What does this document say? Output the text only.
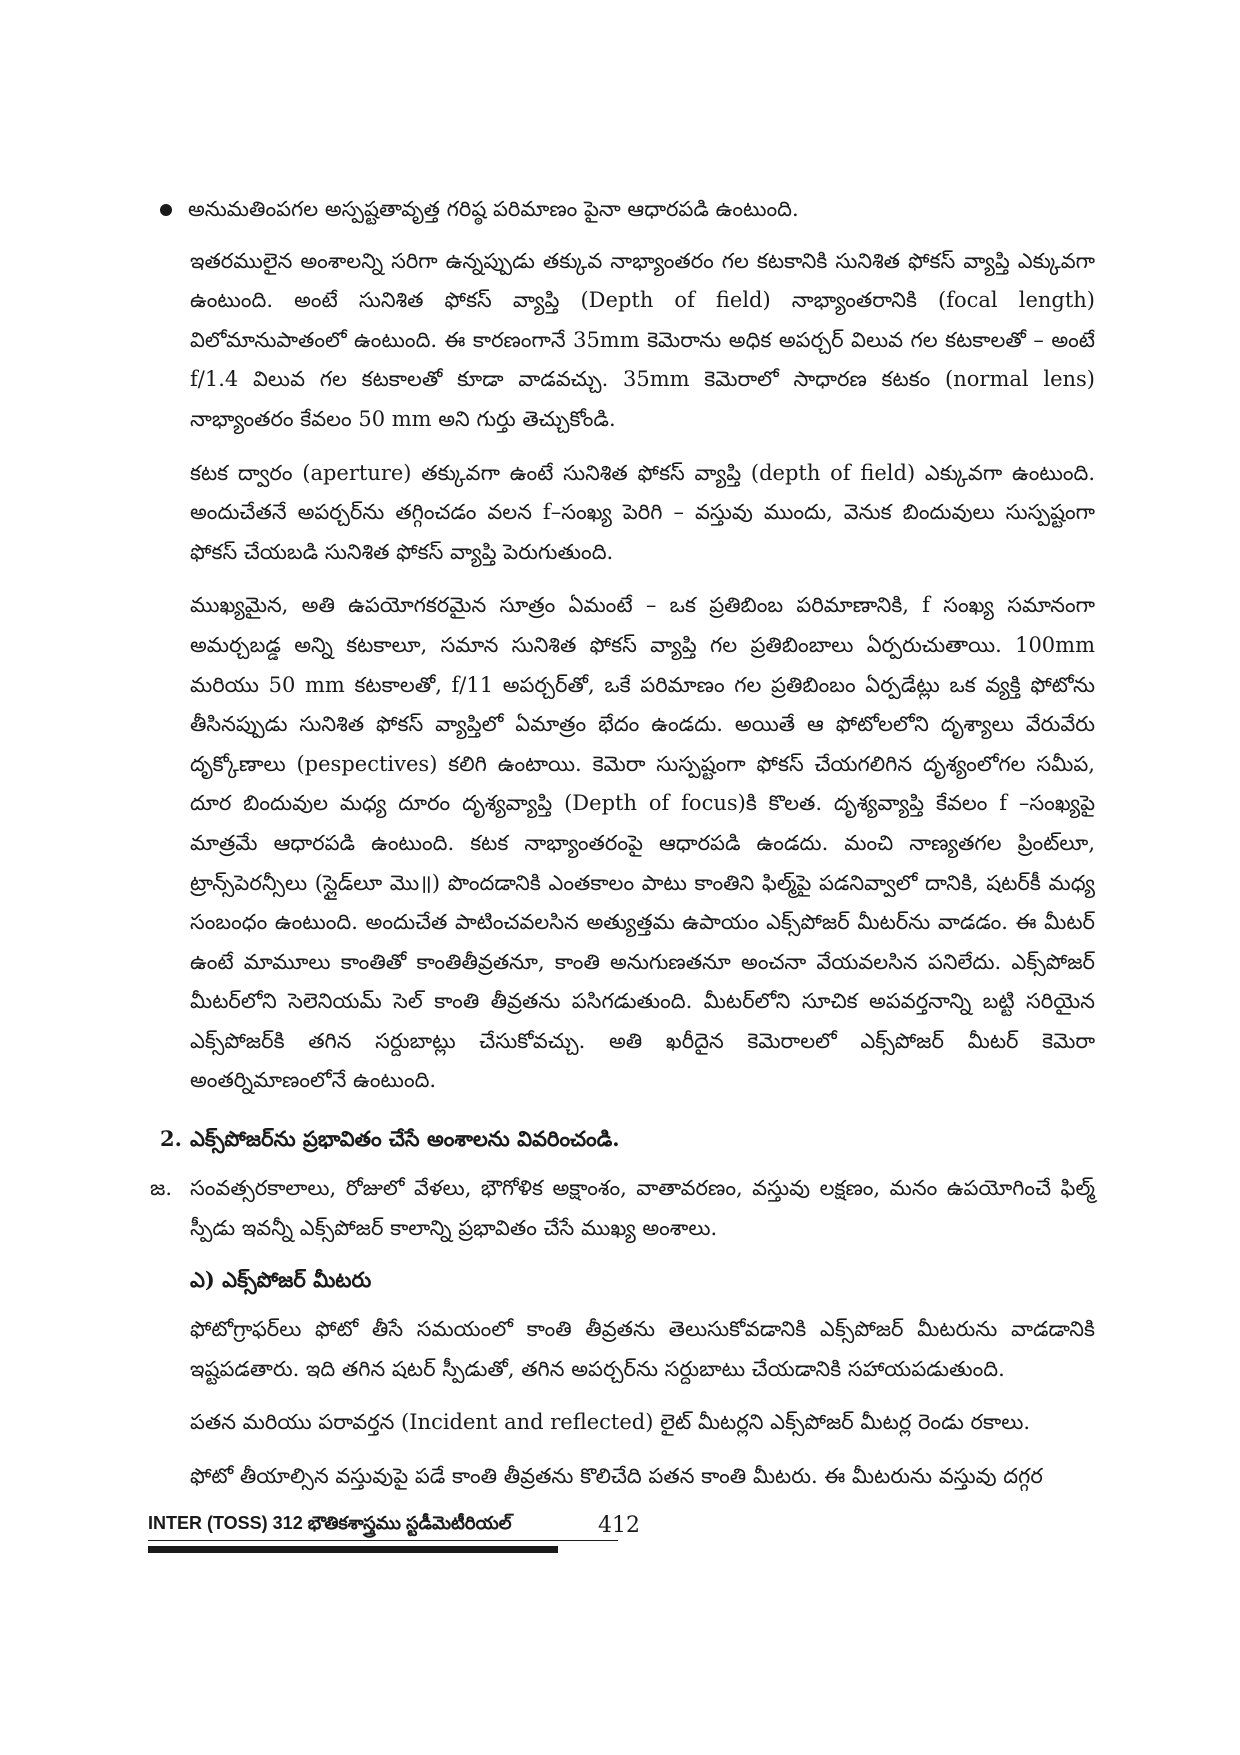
అనుమతింపగల అస్పష్టతావృత్త గరిష్ఠ పరిమాణం పైనా ఆధారపడి ఉంటుంది.

ఇతరములైన అంశాలన్ని సరిగా ఉన్నప్పుడు తక్కువ నాభ్యాంతరం గల కటకానికి సునిశిత ఫోకస్ వ్యాప్తి ఎక్కువగా ఉంటుంది. అంటే సునిశిత ఫోకస్ వ్యాప్తి (Depth of field) నాభ్యాంతరానికి (focal length) విలోమానుపాతంలో ఉంటుంది. ఈ కారణంగానే 35mm కెమెరాను అధిక అపర్చర్ విలువ గల కటకాలతో – అంటే f/1.4 విలువ గల కటకాలతో కూడా వాడవచ్చు. 35mm కెమెరాలో సాధారణ కటకం (normal lens) నాభ్యాంతరం కేవలం 50 mm అని గుర్తు తెచ్చుకోండి.

కటక ద్వారం (aperture) తక్కువగా ఉంటే సునిశిత ఫోకస్ వ్యాప్తి (depth of field) ఎక్కువగా ఉంటుంది. అందుచేతనే అపర్చర్‌ను తగ్గించడం వలన f–సంఖ్య పెరిగి – వస్తువు ముందు, వెనుక బిందువులు సుస్పష్టంగా ఫోకస్ చేయబడి సునిశిత ఫోకస్ వ్యాప్తి పెరుగుతుంది.

ముఖ్యమైన, అతి ఉపయోగకరమైన సూత్రం ఏమంటే – ఒక ప్రతిబింబ పరిమాణానికి, f సంఖ్య సమానంగా అమర్చబడ్డ అన్ని కటకాలూ, సమాన సునిశిత ఫోకస్ వ్యాప్తి గల ప్రతిబింబాలు ఏర్పరుచుతాయి. 100mm మరియు 50 mm కటకాలతో, f/11 అపర్చర్‌తో, ఒకే పరిమాణం గల ప్రతిబింబం ఏర్పడేట్లు ఒక వ్యక్తి ఫోటోను తీసినప్పుడు సునిశిత ఫోకస్ వ్యాప్తిలో ఏమాత్రం భేదం ఉండదు. అయితే ఆ ఫోటోలలోని దృశ్యాలు వేరువేరు దృక్కోణాలు (pespectives) కలిగి ఉంటాయి. కెమెరా సుస్పష్టంగా ఫోకస్ చేయగలిగిన దృశ్యంలోగల సమీప, దూర బిందువుల మధ్య దూరం దృశ్యవ్యాప్తి (Depth of focus)కి కొలత. దృశ్యవ్యాప్తి కేవలం f –సంఖ్యపై మాత్రమే ఆధారపడి ఉంటుంది. కటక నాభ్యాంతరంపై ఆధారపడి ఉండదు. మంచి నాణ్యతగల ప్రింట్‌లూ, ట్రాన్స్‌పెరన్సీలు (స్లైడ్‌లూ మొ॥) పొందడానికి ఎంతకాలం పాటు కాంతిని ఫిల్మ్‌పై పడనివ్వాలో దానికి, షటర్‌కీ మధ్య సంబంధం ఉంటుంది. అందుచేత పాటించవలసిన అత్యుత్తమ ఉపాయం ఎక్స్‌పోజర్ మీటర్‌ను వాడడం. ఈ మీటర్ ఉంటే మామూలు కాంతితో కాంతితీవ్రతనూ, కాంతి అనుగుణతనూ అంచనా వేయవలసిన పనిలేదు. ఎక్స్‌పోజర్ మీటర్‌లోని సెలెనియమ్ సెల్ కాంతి తీవ్రతను పసిగడుతుంది. మీటర్‌లోని సూచిక అపవర్తనాన్ని బట్టి సరియైన ఎక్స్‌పోజర్‌కి తగిన సర్దుబాట్లు చేసుకోవచ్చు. అతి ఖరీదైన కెమెరాలలో ఎక్స్‌పోజర్ మీటర్ కెమెరా అంతర్నిమాణంలోనే ఉంటుంది.

2. ఎక్స్‌పోజర్‌ను ప్రభావితం చేసే అంశాలను వివరించండి.
జ. సంవత్సరకాలాలు, రోజులో వేళలు, భౌగోళిక అక్షాంశం, వాతావరణం, వస్తువు లక్షణం, మనం ఉపయోగించే ఫిల్మ్ స్పీడు ఇవన్నీ ఎక్స్‌పోజర్ కాలాన్ని ప్రభావితం చేసే ముఖ్య అంశాలు.

ఎ) ఎక్స్‌పోజర్ మీటరు

ఫోటోగ్రాఫర్‌లు ఫోటో తీసే సమయంలో కాంతి తీవ్రతను తెలుసుకోవడానికి ఎక్స్‌పోజర్ మీటరును వాడడానికి ఇష్టపడతారు. ఇది తగిన షటర్ స్పీడుతో, తగిన అపర్చర్‌ను సర్దుబాటు చేయడానికి సహాయపడుతుంది.

పతన మరియు పరావర్తన (Incident and reflected) లైట్ మీటర్లని ఎక్స్‌పోజర్ మీటర్ల రెండు రకాలు.

ఫోటో తీయాల్సిన వస్తువుపై పడే కాంతి తీవ్రతను కొలిచేది పతన కాంతి మీటరు. ఈ మీటరును వస్తువు దగ్గర

INTER (TOSS) 312 భౌతికశాస్త్రము స్టడీమెటీరియల్	412
